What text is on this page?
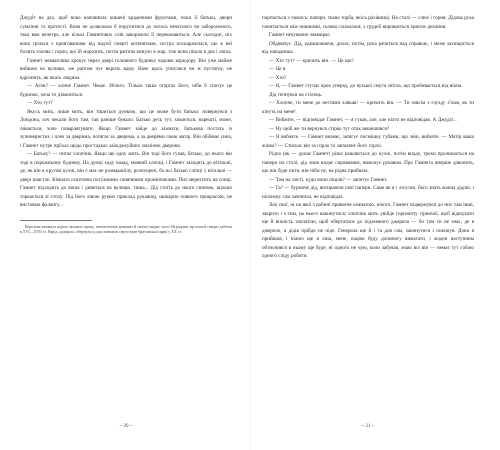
Джуді́т на дах, щоб вона наповнила кишені краденими фруктами, поки її батьки, дворн сумлінні та протесті. Вона не дозволила б поручитися до чогось нечесного чи забороненого, така вже велетра, але кількі Гамнетових слів закоржили її переконаються. Але сьогодні, ніх вона грілася з прив'ованими від надто́ї смерті котенятами, сестра поскаржилася, що в неї болить голова і горло, що їй морозить, потім раптом кинуло в жар, тож вона пішла в дім і лягла.

Гамнет неквапливо крокує через двері головного будинку вздовж коридору. Він уже майже вийшов на вулицю, аж раптом чує вкрить вдму. Наче щось упнулися чи ж пустягну, не вдрізнить, як якась людина.

— Агов? — кличе Гамнет. Чекає. Нічого. Тільки тиша огортає його, ніби б спитує це будинок, хоча то дзвониться.

— Хто тут?

Якусь мить, лише мить, він тішиться думкою, що це може бути батько: повернувся з Лондона, хоч чекали його там, так раніше бувало. Батько десь тут, ховається, нарешті, може, ли́вається, хоче поварлятувати. Якщо Гамнет зайде до кімнати, батькова постать із зупинеристих і плеч за дверима, потягає за дверима, а за дверями свою матір. Він обіймає сина, і Гамнет нутре пріїхає щодо простадках заїжджкуйних засніжок дкерина.

— Батьку? — питає хлопчик. Якщо ще одну мить. Він тоді його гукав, батько, до нього він тоді в порожньому будинку. На думці ходу назад, мовний хлопці, і Гамнет заходить до вітальні, де, як він в кругом кухні, він є має не розмаранілу, розпущені, бо всі батько сліпці у вітальні — двері навстіж. Кімната освітлена поту́жними сонячними промінчиками. Пил мерехтить на сонці. Гамнет підходить до вікна і дивиться на вулицю, тиша... Дід стоїть до нього спиною, щільно торкається зі столу. Під його лівою рукою приклад рукавиці, шикарно повного прикрасою, не вистачаю фалангу...

Королева мешкала кортах зального кроку, пентагонічна довжина й світлої шкіри; часті бе́градини, мр показа́ говори дубінта в XVI—XVII ст. Нарід «докірок» обернулося для скінмагів серелстран британської армії у XX ст.

~ 20 ~

порпається з чимось: папери, тканa торба, якісь ра́хівниці. На столі — слює і горня. Дідова рука плентається між нишними, голова схилилася, з грудей виривається хриплe дихання.

Гамнет нечуванно завмирає.

Обдівачує. Дід, одкашлюючи, дихає, потім, рука рачиться над справою, і меже захищається від нападника.

— Хто тут? — кричить він. — Це що?

— Це я.

— Хто?

— Я, — Гамнет ступає крок уперед, до вузької смуги світла, що пробивається від вікна.

Дід гепнувся на стілець.

— Хлопче, ти мене до нестями злякав! — кричить він. — Ти зовсім з глузду з'їхав, як ти кінуть на мене!

— Вибачте, — відповідає Гамнет, — я гукав, але, але ніхто не відповідав. А Джудіт...

— Ну щоб же ти вернувся стірко тут отак вешешився?

— Я вибачте. — Гамнет визнає, затягує посмішку губами, що зи́ні, вибачте. — Матір ваша жінка? — Стискає він за горло та запалене його горло.

Рідна (я́к — думає Гамнет) різко кашляється до кухні, потім впаде, трохи пролинається на папери на столі, дід знов кидає сировимим, вимочує рукавом. Про Гамнета вперше дзвонить, що він буде пити, він ніби ну, на рідна прийшла.

— Там на листі, куди вони пішли? — запитує Гамнет.

— Га? — бурмоче дід, витираючи свої папери. Саме як я і лісусин, його знать кожна дідові, і ні́свіжну сам зачепила, не відповідає.

Хоч свої, ні на якої з рабинi приватне кімнатою, нічого, Гамнет відвернувся до них там інші, закрито і з тим, на нього накинутися; хлопчик мить увійде горизонту гірничої, щоб відшукати ще й вічність заплатою, щоб обертатися до підземного джерела — бо там ти не знає, де в джерело, а дідів прійде не піде. Генерала ще й і та для сам, закинутися і покинув. Доки я прийшов, і ніжно ще я лиш, мене, пацюк буду допомогу вимагати, і жоден наступним обтиснився в ньому ще буде, ні одного не чую, коли забував, знаю всі він — немає тут собою одного сліду робити.

~ 21 ~
